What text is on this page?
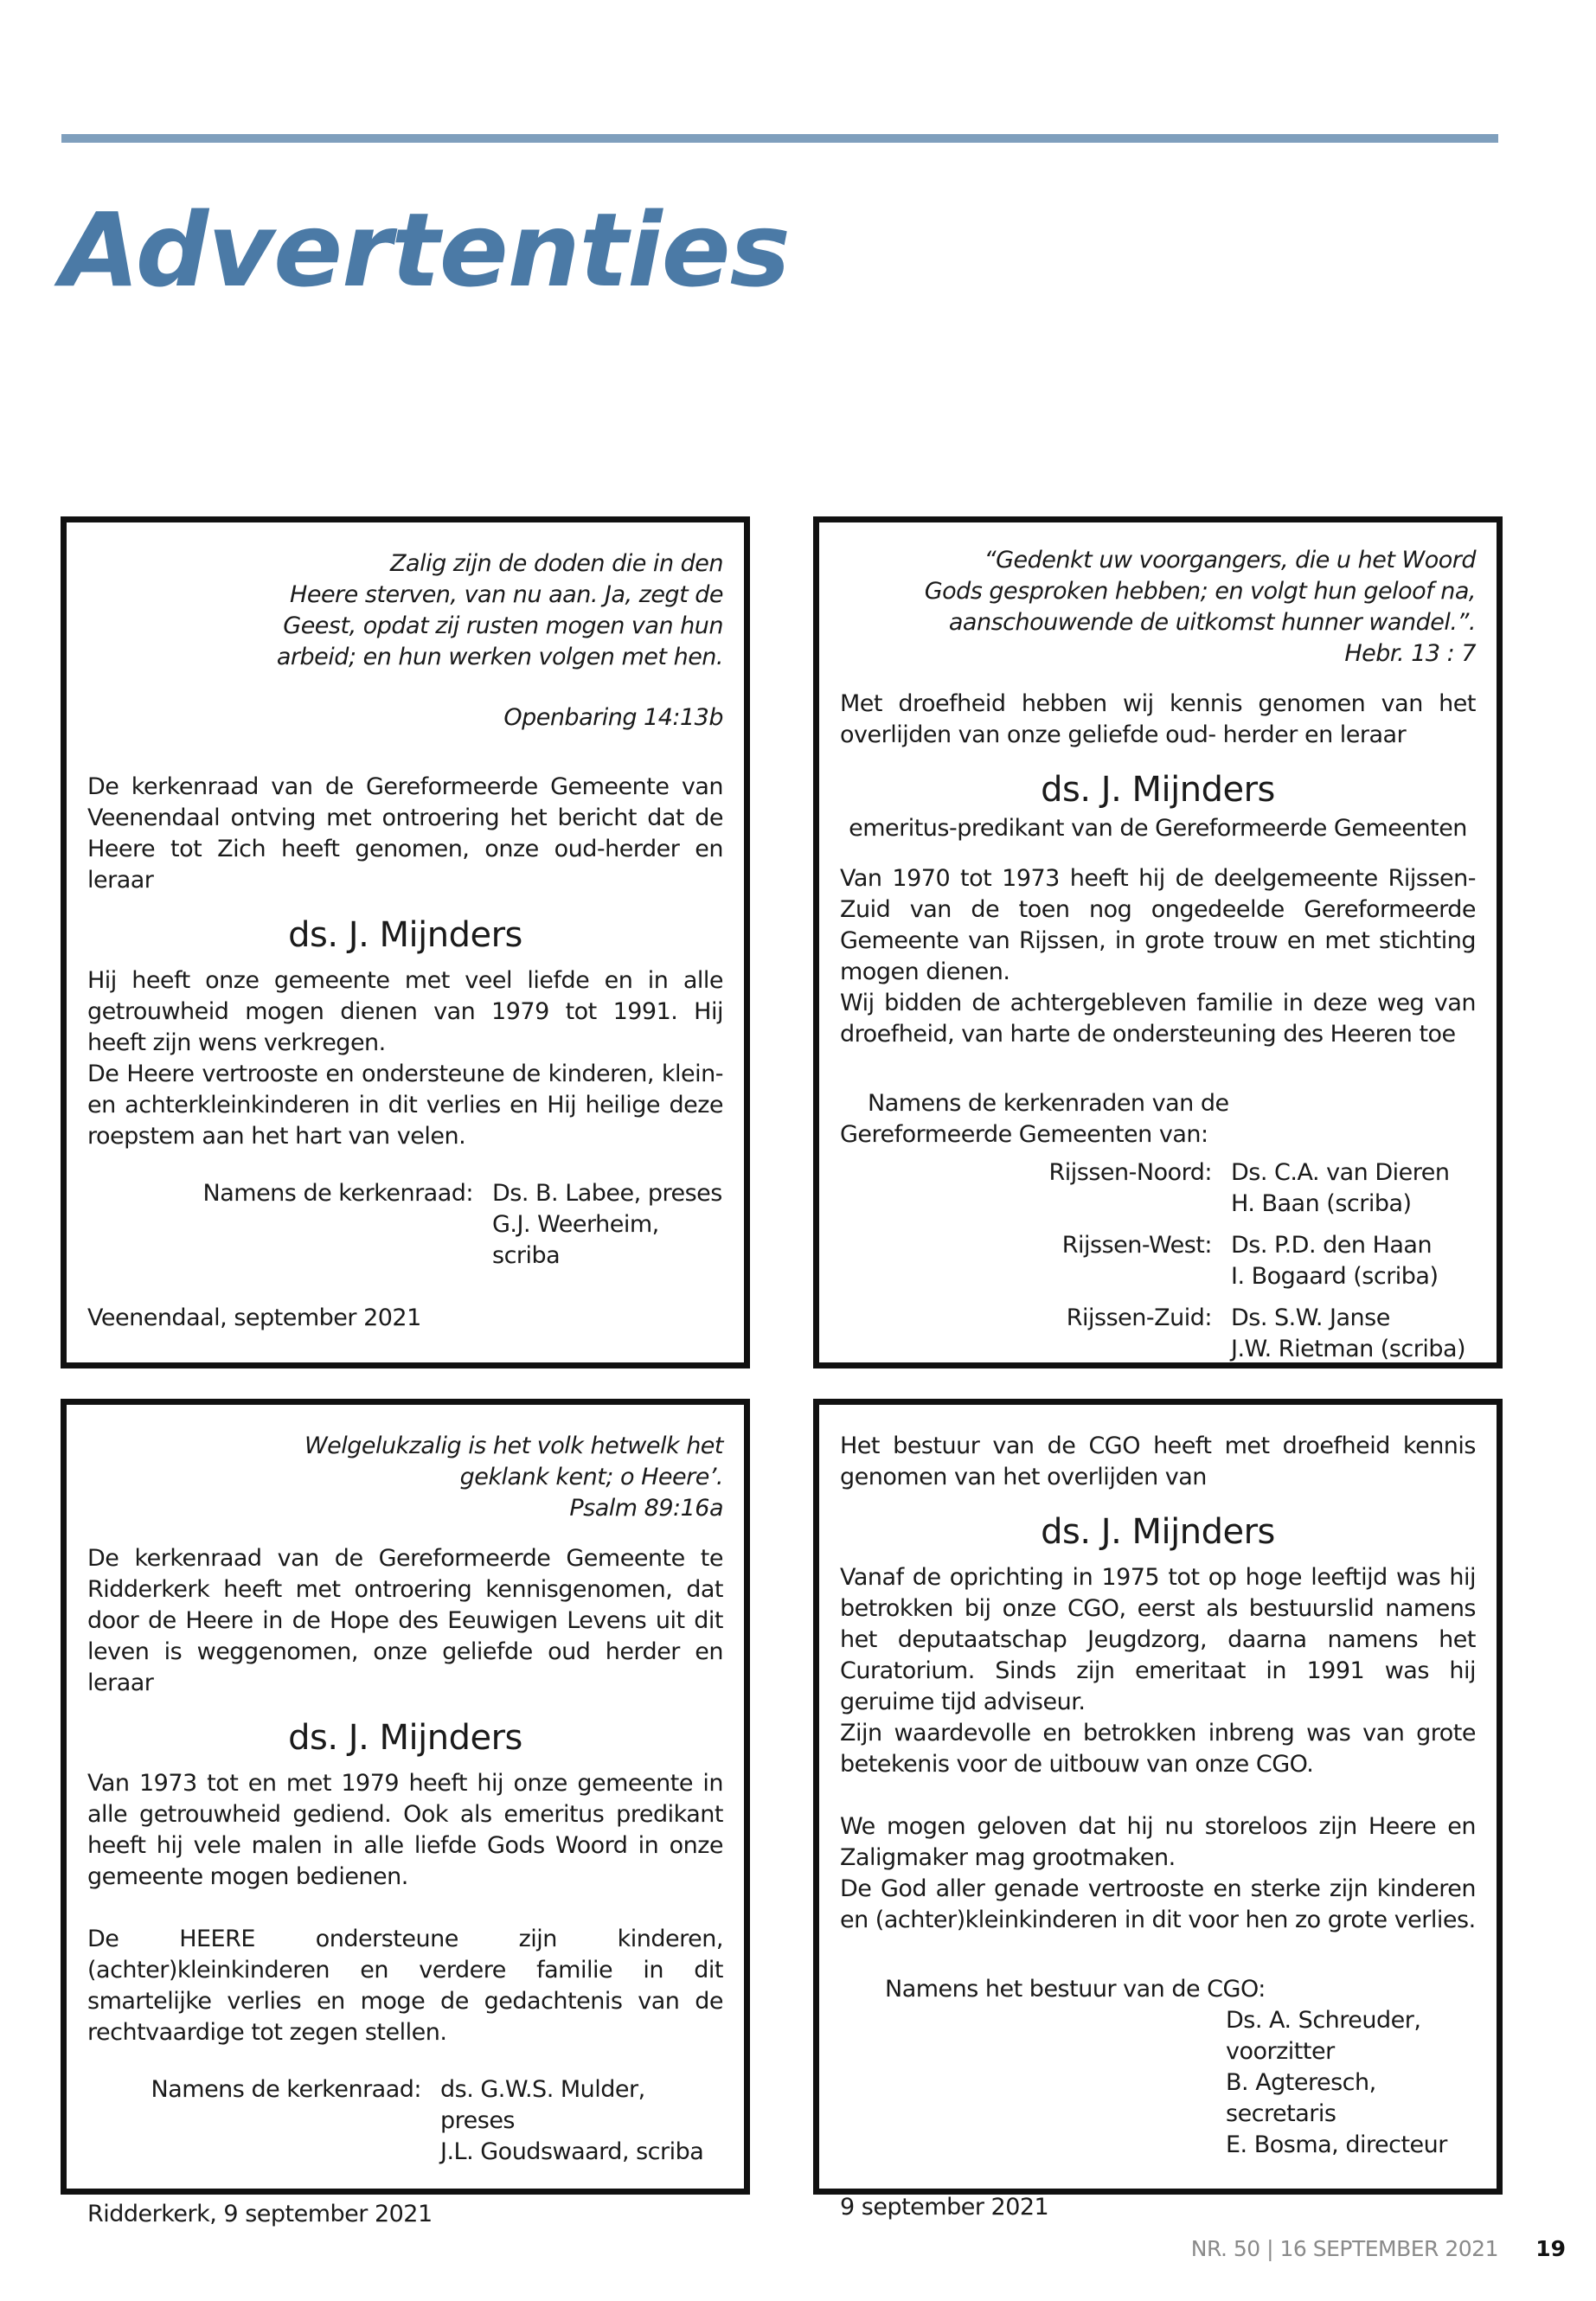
Advertenties
Zalig zijn de doden die in den
Heere sterven, van nu aan. Ja, zegt de
Geest, opdat zij rusten mogen van hun
arbeid; en hun werken volgen met hen.
Openbaring 14:13b

De kerkenraad van de Gereformeerde Gemeente van Veenendaal ontving met ontroering het bericht dat de Heere tot Zich heeft genomen, onze oud-herder en leraar

ds. J. Mijnders

Hij heeft onze gemeente met veel liefde en in alle getrouwheid mogen dienen van 1979 tot 1991. Hij heeft zijn wens verkregen.

De Heere vertrooste en ondersteune de kinderen, klein- en achterkleinkinderen in dit verlies en Hij heilige deze roepstem aan het hart van velen.

Namens de kerkenraad: Ds. B. Labee, preses
G.J. Weerheim, scriba

Veenendaal, september 2021

“Gedenkt uw voorgangers, die u het Woord
Gods gesproken hebben; en volgt hun geloof na,
aanschouwende de uitkomst hunner wandel.”.
Hebr. 13 : 7

Met droefheid hebben wij kennis genomen van het overlijden van onze geliefde oud- herder en leraar

ds. J. Mijnders
emeritus-predikant van de Gereformeerde Gemeenten

Van 1970 tot 1973 heeft hij de deelgemeente Rijssen-Zuid van de toen nog ongedeelde Gereformeerde Gemeente van Rijssen, in grote trouw en met stichting mogen dienen.

Wij bidden de achtergebleven familie in deze weg van droefheid, van harte de ondersteuning des Heeren toe

Namens de kerkenraden van de
Gereformeerde Gemeenten van:
Rijssen-Noord: Ds. C.A. van Dieren
H. Baan (scriba)
Rijssen-West: Ds. P.D. den Haan
I. Bogaard (scriba)
Rijssen-Zuid: Ds. S.W. Janse
J.W. Rietman (scriba)
Welgelukzalig is het volk hetwelk het
geklank kent; o Heere’.
Psalm 89:16a

De kerkenraad van de Gereformeerde Gemeente te Ridderkerk heeft met ontroering kennisgenomen, dat door de Heere in de Hope des Eeuwigen Levens uit dit leven is weggenomen, onze geliefde oud herder en leraar

ds. J. Mijnders

Van 1973 tot en met 1979 heeft hij onze gemeente in alle getrouwheid gediend. Ook als emeritus predikant heeft hij vele malen in alle liefde Gods Woord in onze gemeente mogen bedienen.

De HEERE ondersteune zijn kinderen, (achter)kleinkinderen en verdere familie in dit smartelijke verlies en moge de gedachtenis van de rechtvaardige tot zegen stellen.

Namens de kerkenraad: ds. G.W.S. Mulder, preses
J.L. Goudswaard, scriba

Ridderkerk, 9 september 2021

Het bestuur van de CGO heeft met droefheid kennis genomen van het overlijden van

ds. J. Mijnders

Vanaf de oprichting in 1975 tot op hoge leeftijd was hij betrokken bij onze CGO, eerst als bestuurslid namens het deputaatschap Jeugdzorg, daarna namens het Curatorium. Sinds zijn emeritaat in 1991 was hij geruime tijd adviseur.

Zijn waardevolle en betrokken inbreng was van grote betekenis voor de uitbouw van onze CGO.

We mogen geloven dat hij nu storeloos zijn Heere en Zaligmaker mag grootmaken.

De God aller genade vertrooste en sterke zijn kinderen en (achter)kleinkinderen in dit voor hen zo grote verlies.

Namens het bestuur van de CGO:
Ds. A. Schreuder, voorzitter
B. Agteresch, secretaris
E. Bosma, directeur

9 september 2021

NR. 50 | 16 SEPTEMBER 2021 19
